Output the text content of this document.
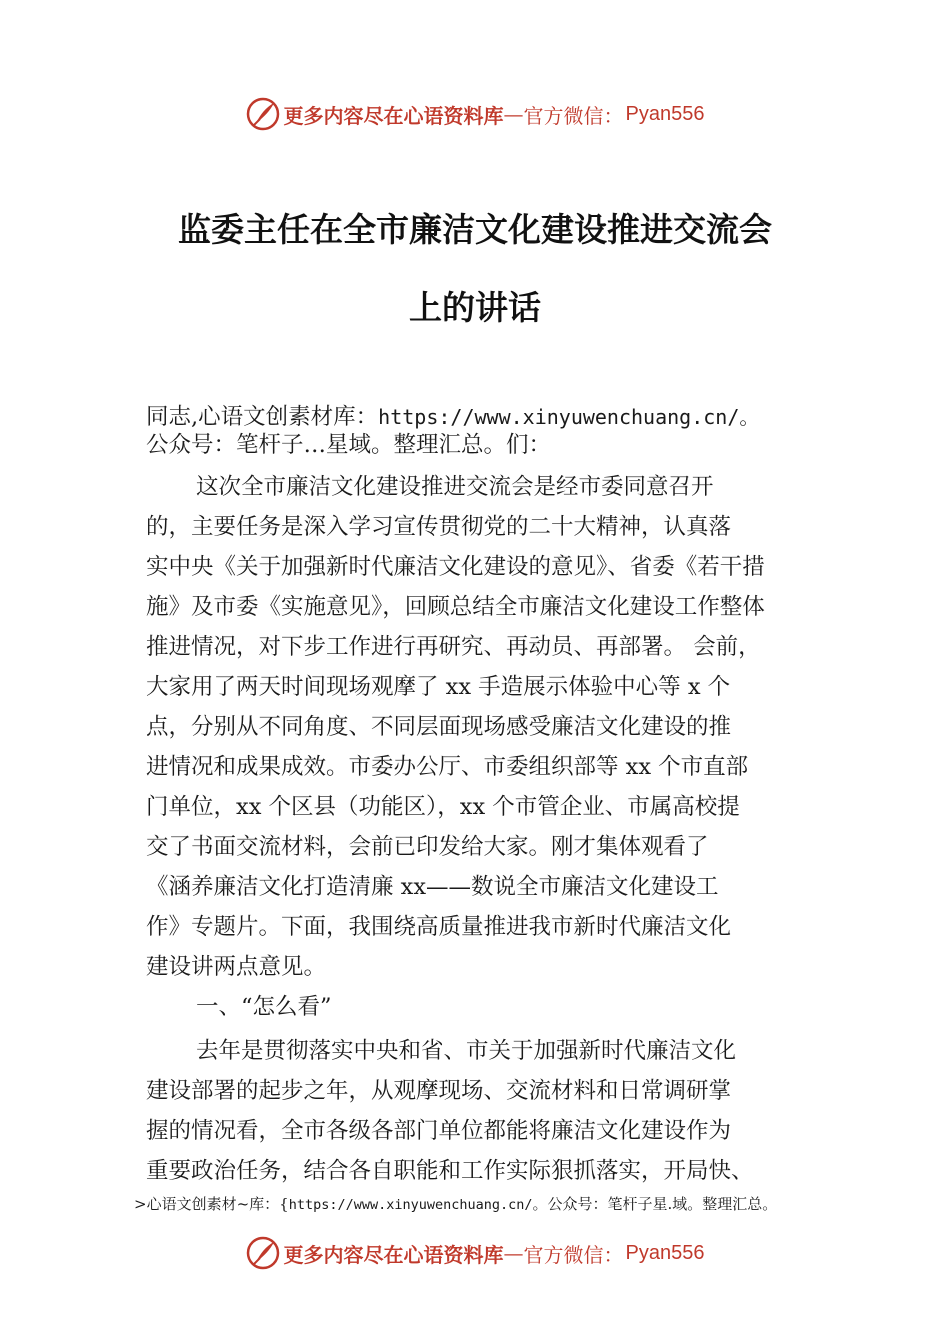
更多内容尽在心语资料库 — 官方微信： Pyan556
监委主任在全市廉洁文化建设推进交流会
上的讲话
同志,心语文创素材库：https://www.xinyuwenchuang.cn/。
公众号：笔杆子…星域。整理汇总。们：
这次全市廉洁文化建设推进交流会是经市委同意召开
的，主要任务是深入学习宣传贯彻党的二十大精神，认真落
实中央《关于加强新时代廉洁文化建设的意见》、省委《若干措
施》及市委《实施意见》，回顾总结全市廉洁文化建设工作整体
推进情况，对下步工作进行再研究、再动员、再部署。 会前，
大家用了两天时间现场观摩了 xx 手造展示体验中心等 x 个
点，分别从不同角度、不同层面现场感受廉洁文化建设的推
进情况和成果成效。市委办公厅、市委组织部等 xx 个市直部
门单位，xx 个区县（功能区），xx 个市管企业、市属高校提
交了书面交流材料，会前已印发给大家。刚才集体观看了
《涵养廉洁文化打造清廉 xx——数说全市廉洁文化建设工
作》专题片。下面，我围绕高质量推进我市新时代廉洁文化
建设讲两点意见。
一、“怎么看”
去年是贯彻落实中央和省、市关于加强新时代廉洁文化
建设部署的起步之年，从观摩现场、交流材料和日常调研掌
握的情况看，全市各级各部门单位都能将廉洁文化建设作为
重要政治任务，结合各自职能和工作实际狠抓落实，开局快、
>心语文创素材~库：{https://www.xinyuwenchuang.cn/。公众号：笔杆子星.域。整理汇总。
更多内容尽在心语资料库 — 官方微信： Pyan556
